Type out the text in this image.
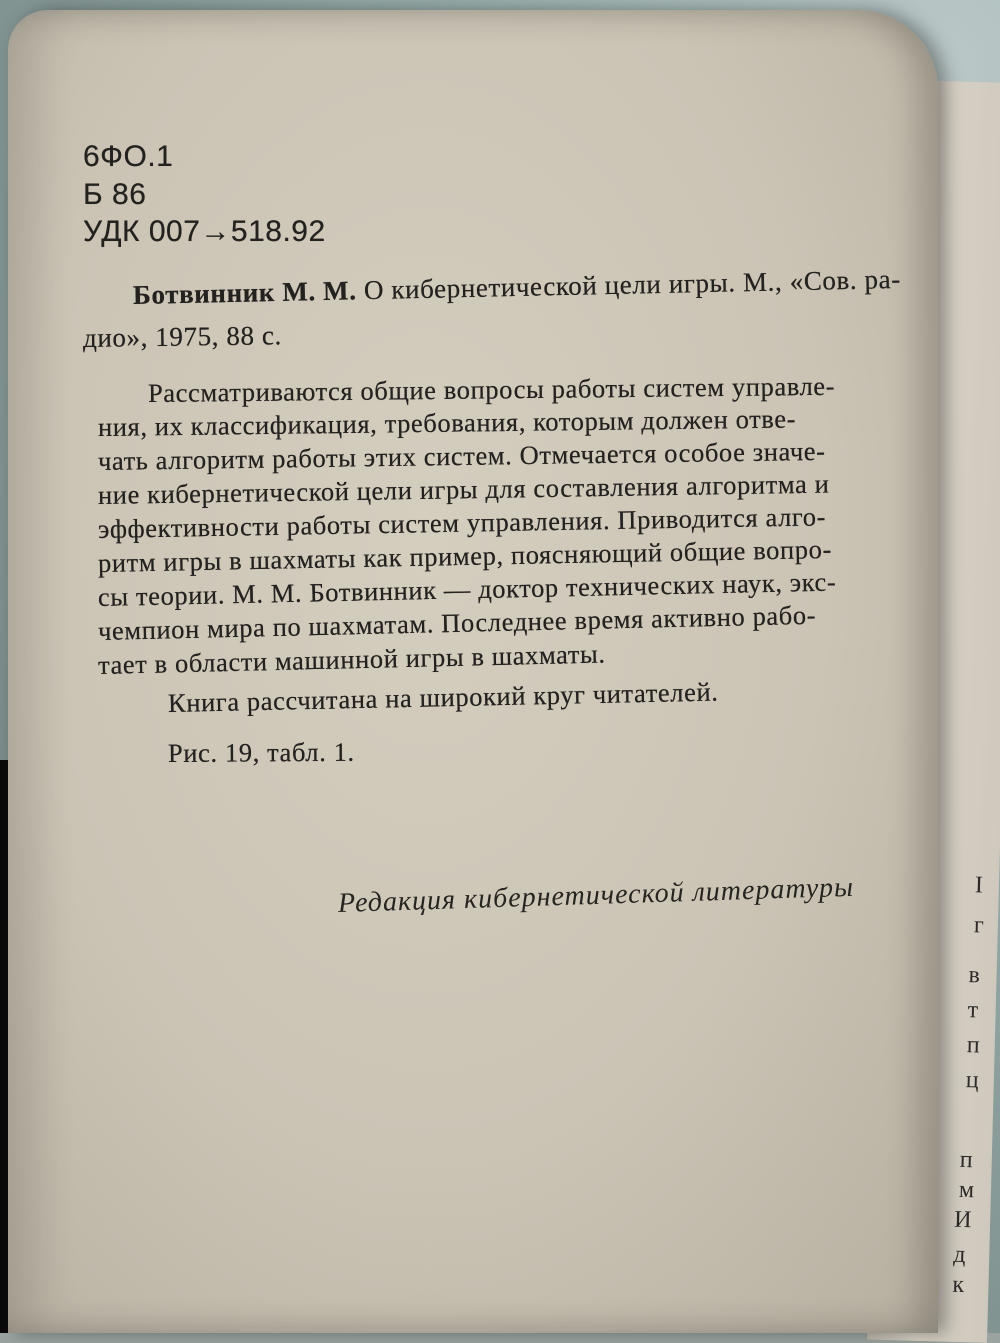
I
г
в
т
п
ц
п
м
И
д
к
6ФО.1
Б 86
УДК 007→518.92
Ботвинник М. М. О кибернетической цели игры. М., «Сов. ра-
дио», 1975, 88 с.
Рассматриваются общие вопросы работы систем управле-
ния, их классификация, требования, которым должен отве-
чать алгоритм работы этих систем. Отмечается особое значе-
ние кибернетической цели игры для составления алгоритма и
эффективности работы систем управления. Приводится алго-
ритм игры в шахматы как пример, поясняющий общие вопро-
сы теории. М. М. Ботвинник — доктор технических наук, экс-
чемпион мира по шахматам. Последнее время активно рабо-
тает в области машинной игры в шахматы.
Книга рассчитана на широкий круг читателей.
Рис. 19, табл. 1.
Редакция кибернетической литературы
